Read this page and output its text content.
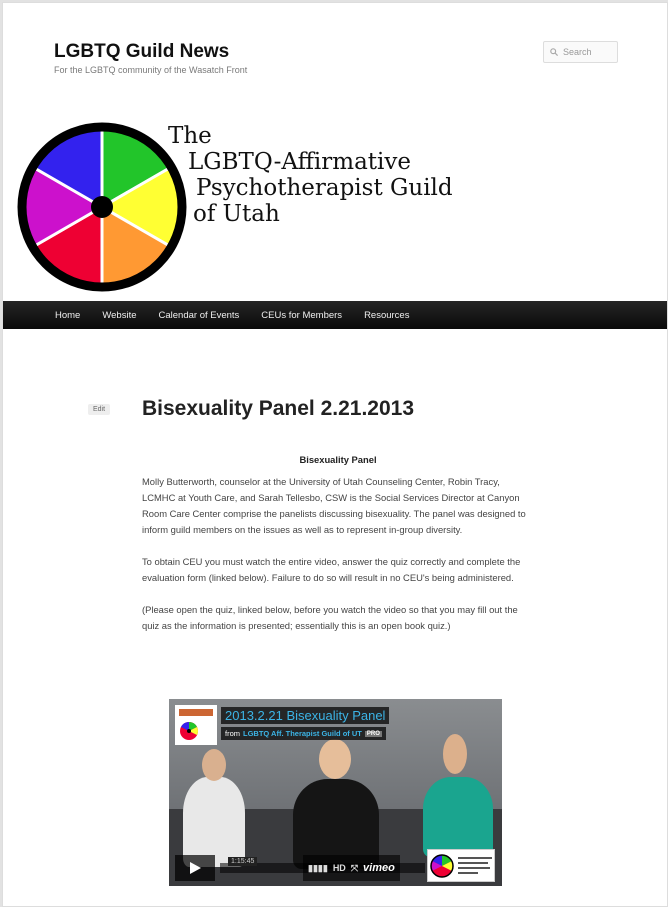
LGBTQ Guild News
For the LGBTQ community of the Wasatch Front
Search
The
LGBTQ-Affirmative
Psychotherapist Guild
of Utah
Home	Website	Calendar of Events	CEUs for Members	Resources
Edit Bisexuality Panel 2.21.2013
Bisexuality Panel

Molly Butterworth, counselor at the University of Utah Counseling Center, Robin Tracy, LCMHC at Youth Care, and Sarah Tellesbo, CSW is the Social Services Director at Canyon Room Care Center comprise the panelists discussing bisexuality. The panel was designed to inform guild members on the issues as well as to represent in-group diversity.

To obtain CEU you must watch the entire video, answer the quiz correctly and complete the evaluation form (linked below). Failure to do so will result in no CEU's being administered.

(Please open the quiz, linked below, before you watch the video so that you may fill out the quiz as the information is presented; essentially this is an open book quiz.)

2013.2.21 Bisexuality Panel
from LGBTQ Aff. Therapist Guild of UT PRO
1:15:45
▮▮▮▮ HD ⤧ vimeo
